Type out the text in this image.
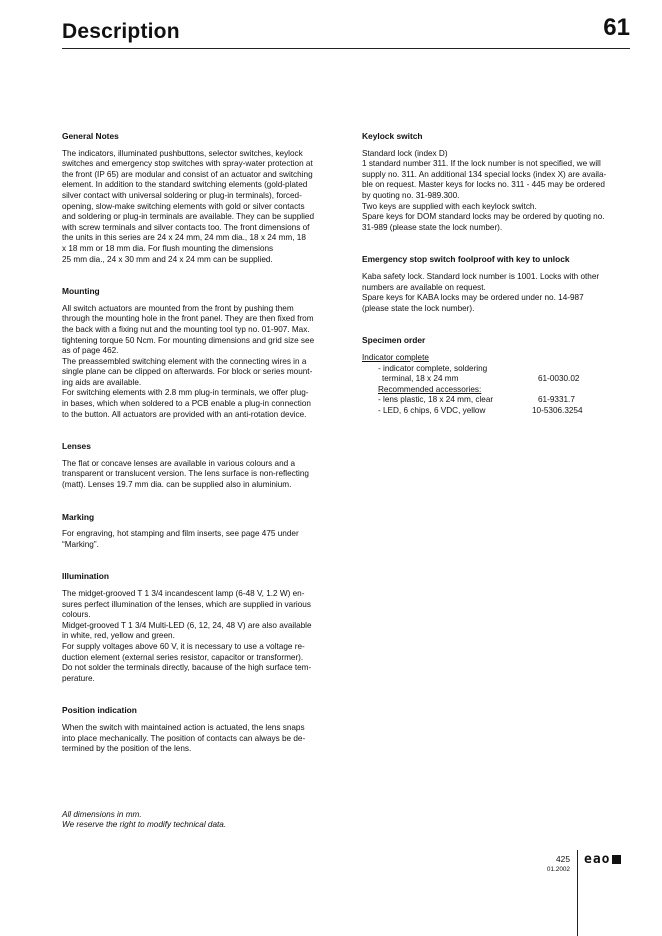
Description	61
General Notes
The indicators, illuminated pushbuttons, selector switches, keylock
switches and emergency stop switches with spray-water protection at
the front (IP 65) are modular and consist of an actuator and switching
element. In addition to the standard switching elements (gold-plated
silver contact with universal soldering or plug-in terminals), forced-
opening, slow-make switching elements with gold or silver contacts
and soldering or plug-in terminals are available. They can be supplied
with screw terminals and silver contacts too. The front dimensions of
the units in this series are 24 x 24 mm, 24 mm dia., 18 x 24 mm, 18
x 18 mm or 18 mm dia. For flush mounting the dimensions
25 mm dia., 24 x 30 mm and 24 x 24 mm can be supplied.
Mounting
All switch actuators are mounted from the front by pushing them
through the mounting hole in the front panel. They are then fixed from
the back with a fixing nut and the mounting tool typ no. 01-907. Max.
tightening torque 50 Ncm. For mounting dimensions and grid size see
as of page 462.
The preassembled switching element with the connecting wires in a
single plane can be clipped on afterwards. For block or series mount-
ing aids are available.
For switching elements with 2.8 mm plug-in terminals, we offer plug-
in bases, which when soldered to a PCB enable a plug-in connection
to the button. All actuators are provided with an anti-rotation device.
Lenses
The flat or concave lenses are available in various colours and a
transparent or translucent version. The lens surface is non-reflecting
(matt). Lenses 19.7 mm dia. can be supplied also in aluminium.
Marking
For engraving, hot stamping and film inserts, see page 475 under
“Marking”.
Illumination
The midget-grooved T 1 3/4 incandescent lamp (6-48 V, 1.2 W) en-
sures perfect illumination of the lenses, which are supplied in various
colours.
Midget-grooved T 1 3/4 Multi-LED (6, 12, 24, 48 V) are also available
in white, red, yellow and green.
For supply voltages above 60 V, it is necessary to use a voltage re-
duction element (external series resistor, capacitor or transformer).
Do not solder the terminals directly, bacause of the high surface tem-
perature.
Position indication
When the switch with maintained action is actuated, the lens snaps
into place mechanically. The position of contacts can always be de-
termined by the position of the lens.
Keylock switch
Standard lock (index D)
1 standard number 311. If the lock number is not specified, we will
supply no. 311. An additional 134 special locks (index X) are availa-
ble on request. Master keys for locks no. 311 - 445 may be ordered
by quoting no. 31-989.300.
Two keys are supplied with each keylock switch.
Spare keys for DOM standard locks may be ordered by quoting no.
31-989 (please state the lock number).
Emergency stop switch foolproof with key to unlock
Kaba safety lock. Standard lock number is 1001. Locks with other
numbers are available on request.
Spare keys for KABA locks may be ordered under no. 14-987
(please state the lock number).
Specimen order
Indicator complete
- indicator complete, soldering
terminal, 18 x 24 mm	61-0030.02
Recommended accessories:
- lens plastic, 18 x 24 mm, clear	61-9331.7
- LED, 6 chips, 6 VDC, yellow	10-5306.3254
All dimensions in mm.
We reserve the right to modify technical data.
425
01.2002
eao
